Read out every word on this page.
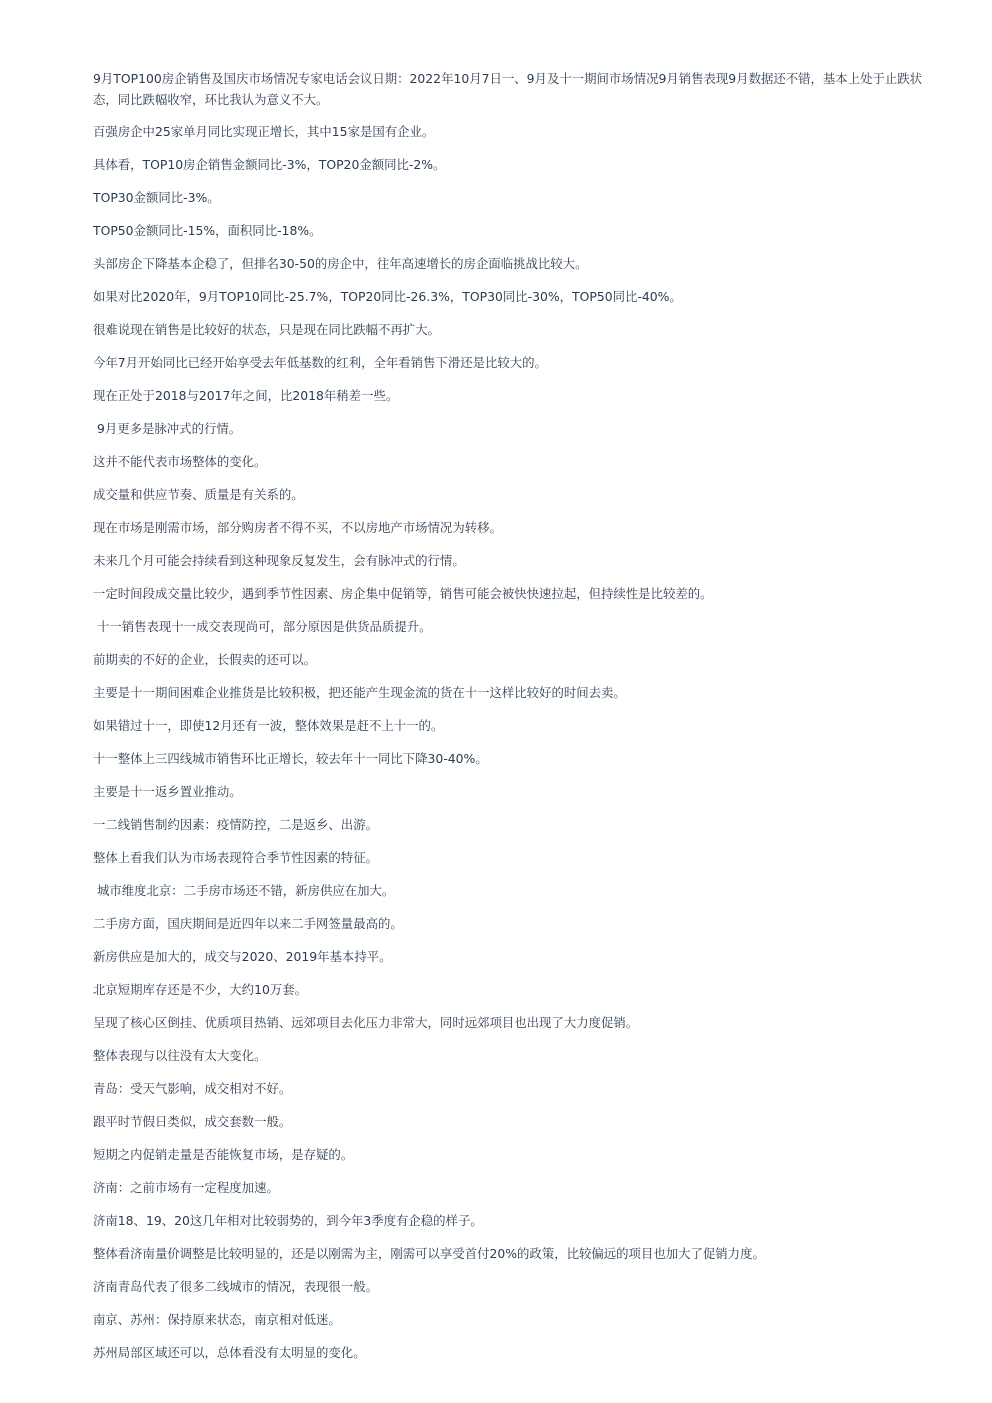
9月TOP100房企销售及国庆市场情况专家电话会议日期：2022年10月7日一、9月及十一期间市场情况9月销售表现9月数据还不错，基本上处于止跌状态，同比跌幅收窄，环比我认为意义不大。

百强房企中25家单月同比实现正增长，其中15家是国有企业。

具体看，TOP10房企销售金额同比-3%，TOP20金额同比-2%。

TOP30金额同比-3%。

TOP50金额同比-15%，面积同比-18%。

头部房企下降基本企稳了，但排名30-50的房企中，往年高速增长的房企面临挑战比较大。

如果对比2020年，9月TOP10同比-25.7%，TOP20同比-26.3%，TOP30同比-30%，TOP50同比-40%。

很难说现在销售是比较好的状态，只是现在同比跌幅不再扩大。

今年7月开始同比已经开始享受去年低基数的红利，全年看销售下滑还是比较大的。

现在正处于2018与2017年之间，比2018年稍差一些。

9月更多是脉冲式的行情。

这并不能代表市场整体的变化。

成交量和供应节奏、质量是有关系的。

现在市场是刚需市场，部分购房者不得不买，不以房地产市场情况为转移。

未来几个月可能会持续看到这种现象反复发生，会有脉冲式的行情。

一定时间段成交量比较少，遇到季节性因素、房企集中促销等，销售可能会被快快速拉起，但持续性是比较差的。

十一销售表现十一成交表现尚可，部分原因是供货品质提升。

前期卖的不好的企业，长假卖的还可以。

主要是十一期间困难企业推货是比较积极，把还能产生现金流的货在十一这样比较好的时间去卖。

如果错过十一，即使12月还有一波，整体效果是赶不上十一的。

十一整体上三四线城市销售环比正增长，较去年十一同比下降30-40%。

主要是十一返乡置业推动。

一二线销售制约因素：疫情防控，二是返乡、出游。

整体上看我们认为市场表现符合季节性因素的特征。

城市维度北京：二手房市场还不错，新房供应在加大。

二手房方面，国庆期间是近四年以来二手网签量最高的。

新房供应是加大的，成交与2020、2019年基本持平。

北京短期库存还是不少，大约10万套。

呈现了核心区倒挂、优质项目热销、远郊项目去化压力非常大，同时远郊项目也出现了大力度促销。

整体表现与以往没有太大变化。

青岛：受天气影响，成交相对不好。

跟平时节假日类似，成交套数一般。

短期之内促销走量是否能恢复市场，是存疑的。

济南：之前市场有一定程度加速。

济南18、19、20这几年相对比较弱势的，到今年3季度有企稳的样子。

整体看济南量价调整是比较明显的，还是以刚需为主，刚需可以享受首付20%的政策，比较偏远的项目也加大了促销力度。

济南青岛代表了很多二线城市的情况，表现很一般。

南京、苏州：保持原来状态，南京相对低迷。

苏州局部区域还可以，总体看没有太明显的变化。
